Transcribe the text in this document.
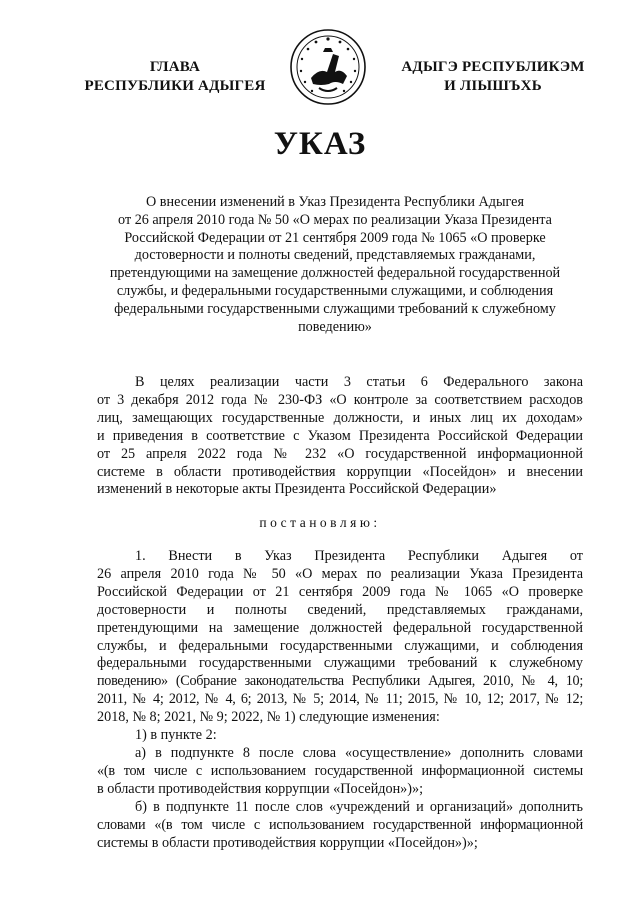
ГЛАВА
РЕСПУБЛИКИ АДЫГЕЯ
АДЫГЭ РЕСПУБЛИКЭМ
И ЛІЫШЪХЬ
УКАЗ
О внесении изменений в Указ Президента Республики Адыгея
от 26 апреля 2010 года № 50 «О мерах по реализации Указа Президента
Российской Федерации от 21 сентября 2009 года № 1065 «О проверке
достоверности и полноты сведений, представляемых гражданами,
претендующими на замещение должностей федеральной государственной
службы, и федеральными государственными служащими, и соблюдения
федеральными государственными служащими требований к служебному
поведению»
В целях реализации части 3 статьи 6 Федерального закона
от 3 декабря 2012 года № 230-ФЗ «О контроле за соответствием расходов
лиц, замещающих государственные должности, и иных лиц их доходам»
и приведения в соответствие с Указом Президента Российской Федерации
от 25 апреля 2022 года № 232 «О государственной информационной
системе в области противодействия коррупции «Посейдон» и внесении
изменений в некоторые акты Президента Российской Федерации»
постановляю:
1. Внести в Указ Президента Республики Адыгея от
26 апреля 2010 года № 50 «О мерах по реализации Указа Президента
Российской Федерации от 21 сентября 2009 года № 1065 «О проверке
достоверности и полноты сведений, представляемых гражданами,
претендующими на замещение должностей федеральной государственной
службы, и федеральными государственными служащими, и соблюдения
федеральными государственными служащими требований к служебному
поведению» (Собрание законодательства Республики Адыгея, 2010, № 4, 10;
2011, № 4; 2012, № 4, 6; 2013, № 5; 2014, № 11; 2015, № 10, 12; 2017, № 12;
2018, № 8; 2021, № 9; 2022, № 1) следующие изменения:
1) в пункте 2:
а) в подпункте 8 после слова «осуществление» дополнить словами
«(в том числе с использованием государственной информационной системы
в области противодействия коррупции «Посейдон»)»;
б) в подпункте 11 после слов «учреждений и организаций» дополнить
словами «(в том числе с использованием государственной информационной
системы в области противодействия коррупции «Посейдон»)»;
